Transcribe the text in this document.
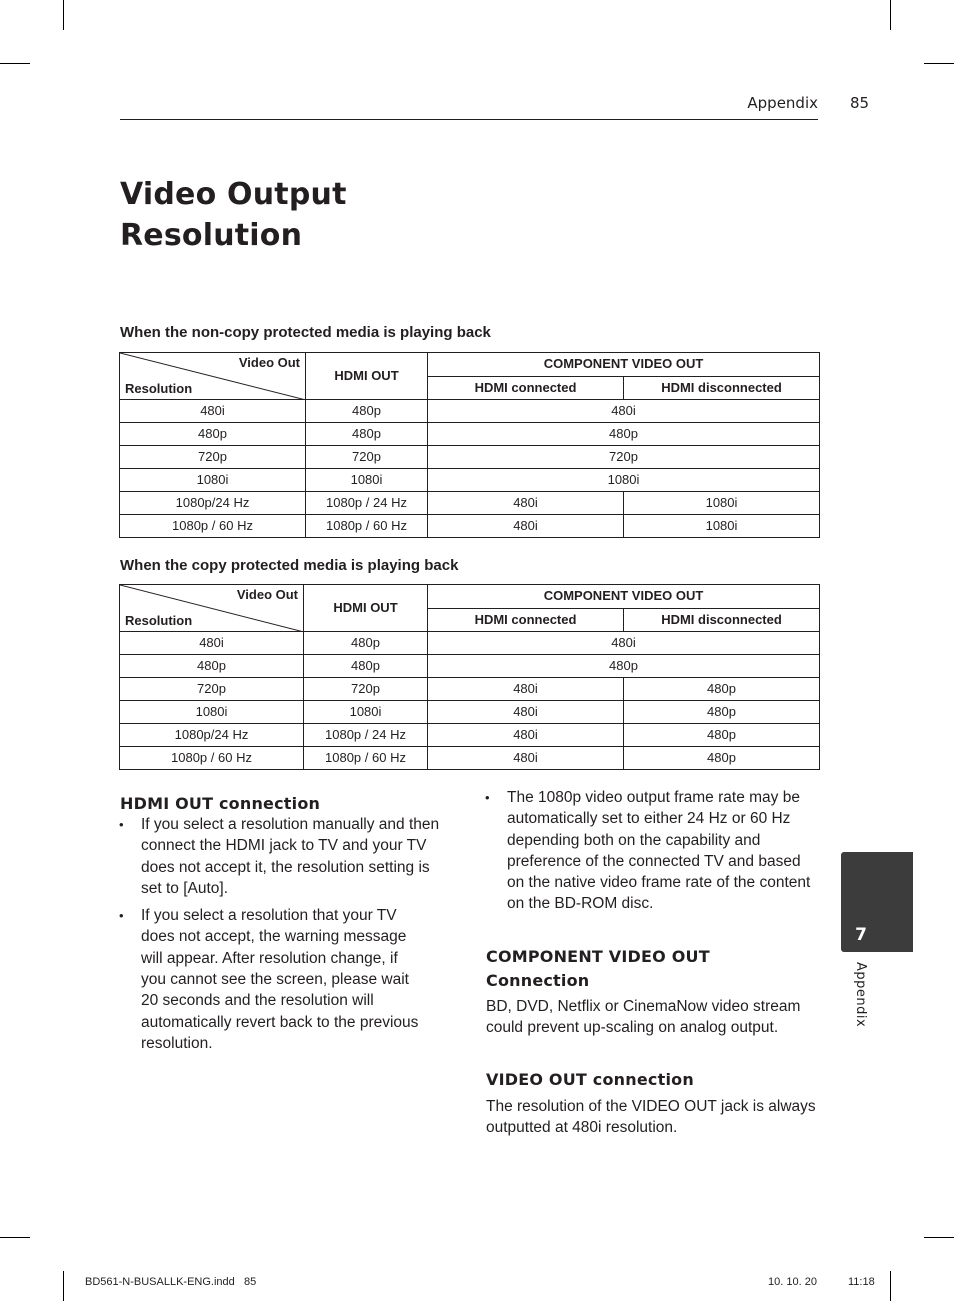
Appendix 85
Video Output
Resolution
When the non-copy protected media is playing back
Video Out
Resolution	HDMI OUT	COMPONENT VIDEO OUT	
		HDMI connected	HDMI disconnected
480i	480p	480i	
480p	480p	480p	
720p	720p	720p	
1080i	1080i	1080i	
1080p/24 Hz	1080p / 24 Hz	480i	1080i
1080p / 60 Hz	1080p / 60 Hz	480i	1080i
When the copy protected media is playing back
Video Out
Resolution	HDMI OUT	COMPONENT VIDEO OUT	
		HDMI connected	HDMI disconnected
480i	480p	480i	
480p	480p	480p	
720p	720p	480i	480p
1080i	1080i	480i	480p
1080p/24 Hz	1080p / 24 Hz	480i	480p
1080p / 60 Hz	1080p / 60 Hz	480i	480p
HDMI OUT connection
• If you select a resolution manually and then connect the HDMI jack to TV and your TV does not accept it, the resolution setting is set to [Auto].
• If you select a resolution that your TV does not accept, the warning message will appear. After resolution change, if you cannot see the screen, please wait 20 seconds and the resolution will automatically revert back to the previous resolution.
• The 1080p video output frame rate may be automatically set to either 24 Hz or 60 Hz depending both on the capability and preference of the connected TV and based on the native video frame rate of the content on the BD-ROM disc.
COMPONENT VIDEO OUT
Connection
BD, DVD, Netflix or CinemaNow video stream could prevent up-scaling on analog output.
VIDEO OUT connection
The resolution of the VIDEO OUT jack is always outputted at 480i resolution.
7
Appendix
BD561-N-BUSALLK-ENG.indd   85	10. 10. 20	11:18
